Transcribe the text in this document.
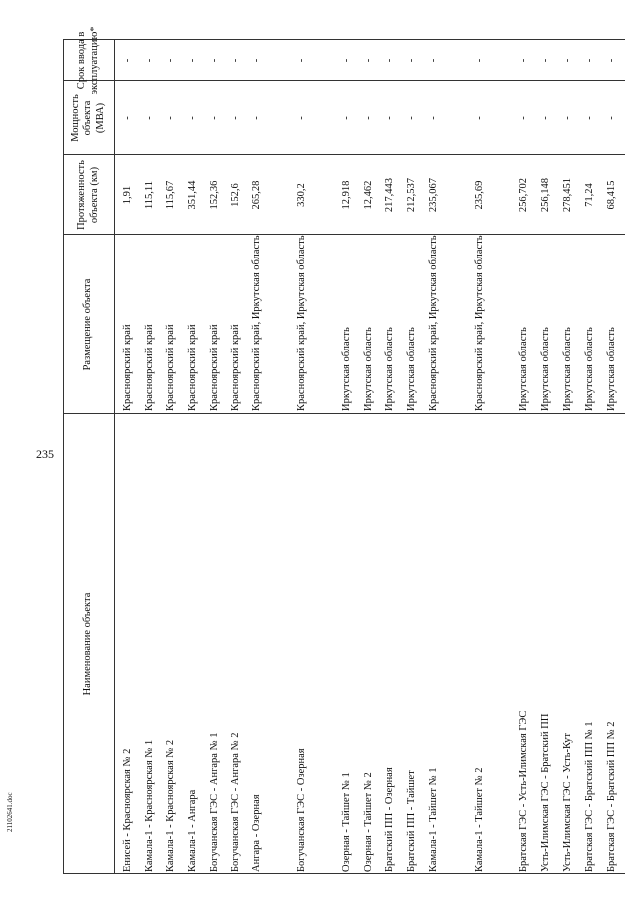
235
Наименование объекта
Размещение объекта
Протяженность объекта (км)
Мощность объекта (МВА)
Срок ввода в эксплуатацию*
Енисей - Красноярская № 2
Красноярский край
1,91
-
-
Камала-1 - Красноярская № 1
Красноярский край
115,11
-
-
Камала-1 - Красноярская № 2
Красноярский край
115,67
-
-
Камала-1 - Ангара
Красноярский край
351,44
-
-
Богучанская ГЭС - Ангара № 1
Красноярский край
152,36
-
-
Богучанская ГЭС - Ангара № 2
Красноярский край
152,6
-
-
Ангара - Озерная
Красноярский край, Иркутская область
265,28
-
-
Богучанская ГЭС - Озерная
Красноярский край, Иркутская область
330,2
-
-
Озерная - Тайшет № 1
Иркутская область
12,918
-
-
Озерная - Тайшет № 2
Иркутская область
12,462
-
-
Братский ПП - Озерная
Иркутская область
217,443
-
-
Братский ПП - Тайшет
Иркутская область
212,537
-
-
Камала-1 - Тайшет № 1
Красноярский край, Иркутская область
235,067
-
-
Камала-1 - Тайшет № 2
Красноярский край, Иркутская область
235,69
-
-
Братская ГЭС - Усть-Илимская ГЭС
Иркутская область
256,702
-
-
Усть-Илимская ГЭС - Братский ПП
Иркутская область
256,148
-
-
Усть-Илимская ГЭС - Усть-Кут
Иркутская область
278,451
-
-
Братская ГЭС - Братский ПП № 1
Иркутская область
71,24
-
-
Братская ГЭС - Братский ПП № 2
Иркутская область
68,415
-
-
21102641.doc
